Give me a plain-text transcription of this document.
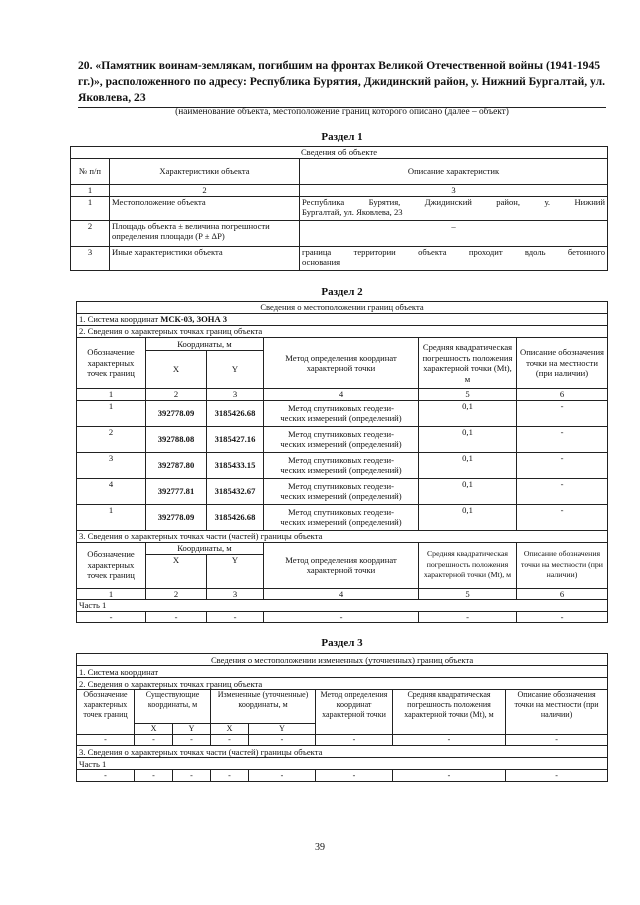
20. «Памятник воинам-землякам, погибшим на фронтах Великой Отечественной войны (1941-1945 гг.)», расположенного по адресу: Республика Бурятия, Джидинский район, у. Нижний Бургалтай, ул. Яковлева, 23
(наименование объекта, местоположение границ которого описано (далее – объект)
Раздел 1
Сведения об объекте		
№ п/п	Характеристики объекта	Описание характеристик
1	2	3
1	Местоположение объекта	Республика Бурятия, Джидинский район, у. Нижний
Бургалтай, ул. Яковлева, 23

2	Площадь объекта ± величина погрешности определения площади (P ± ΔP)	–
3	Иные характеристики объекта	граница территории объекта проходит вдоль бетонного
основания
Раздел 2
Сведения о местоположении границ объекта					
1. Система координат МСК-03, ЗОНА 3					
2. Сведения о характерных точках границ объекта					
Обозначение характерных точек границ	Координаты, м		Метод определения координат характерной точки	Средняя квадратическая погрешность положения характерной точки (Mt), м	Описание обозначения точки на местности (при наличии)
	X	Y			
1	2	3	4	5	6
1	392778.09	3185426.68	Метод спутниковых геодези-
ческих измерений (определений)	0,1	-
2	392788.08	3185427.16	Метод спутниковых геодези-
ческих измерений (определений)	0,1	-
3	392787.80	3185433.15	Метод спутниковых геодези-
ческих измерений (определений)	0,1	-
4	392777.81	3185432.67	Метод спутниковых геодези-
ческих измерений (определений)	0,1	-
1	392778.09	3185426.68	Метод спутниковых геодези-
ческих измерений (определений)	0,1	-
3. Сведения о характерных точках части (частей) границы объекта					
Обозначение характерных точек границ	Координаты, м		Метод определения координат характерной точки	Средняя квадратическая погрешность положения характерной точки (Mt), м	Описание обозначения точки на местности (при наличии)
	X	Y			
1	2	3	4	5	6
Часть 1					
-	-	-	-	-	-
Раздел 3
Сведения о местоположении измененных (уточненных) границ объекта							
1. Система координат							
2. Сведения о характерных точках границ объекта							
Обозначение характерных точек границ	Существующие координаты, м		Измененные (уточненные) координаты, м		Метод определения координат характерной точки	Средняя квадратическая погрешность положения характерной точки (Mt), м	Описание обозначения точки на местности (при наличии)
	X	Y	X	Y			
-	-	-	-	-	-	-	-
3. Сведения о характерных точках части (частей) границы объекта							
Часть 1							
-	-	-	-	-	-	-	-
39
